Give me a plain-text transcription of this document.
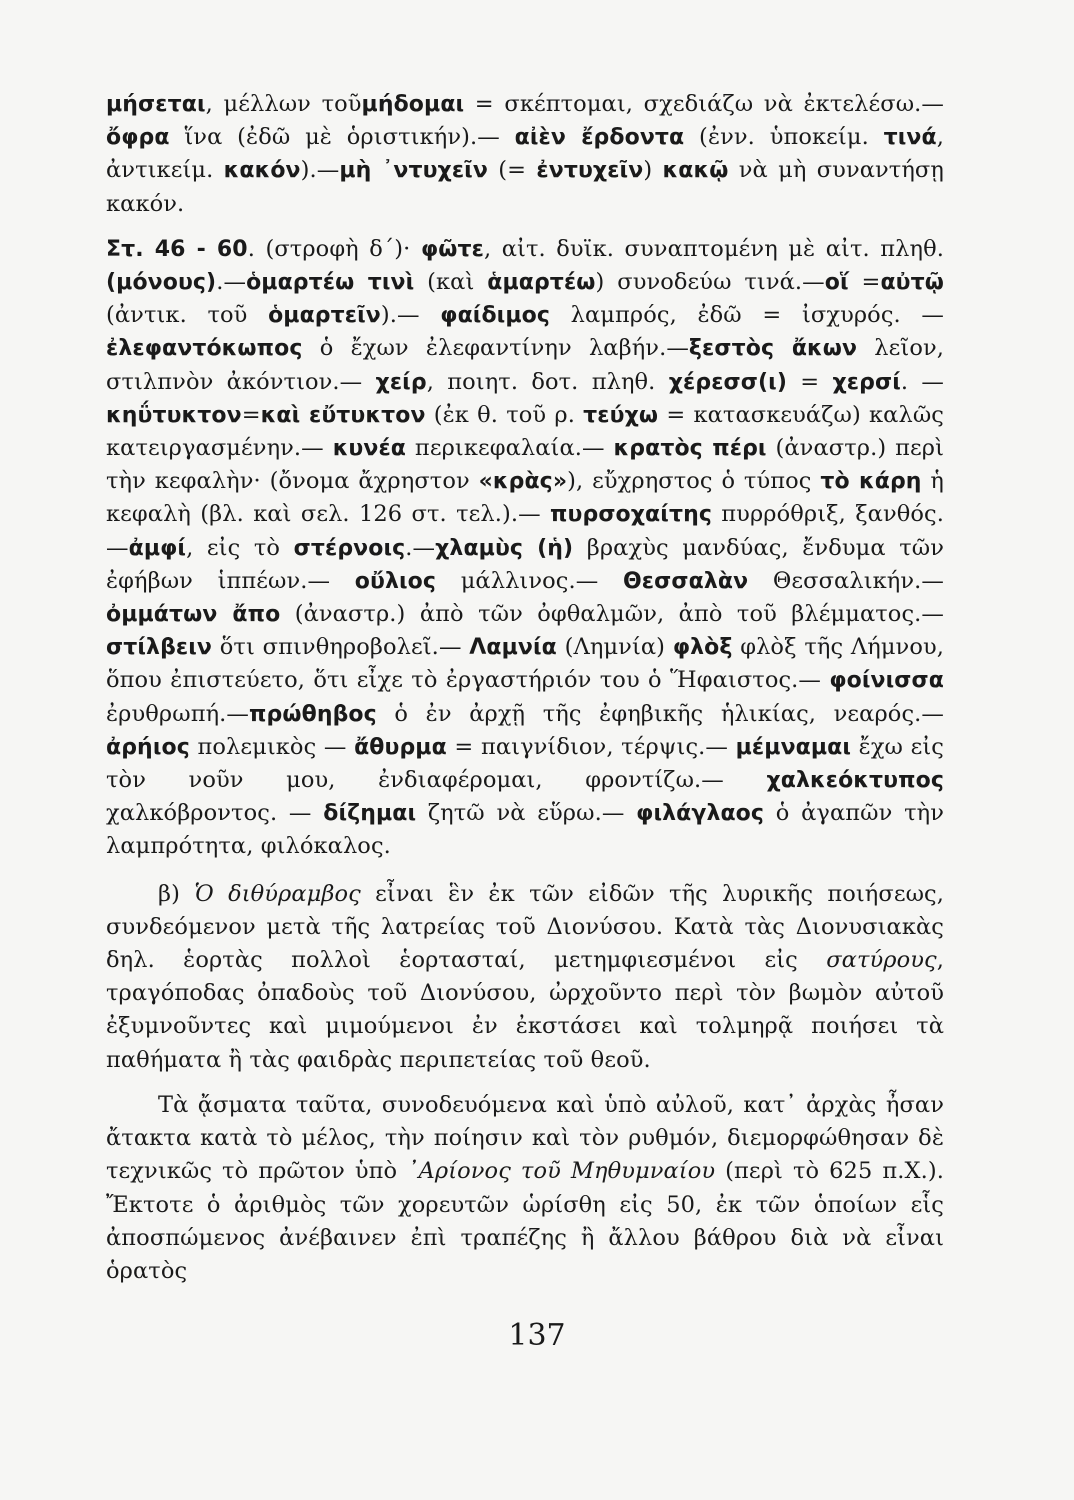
μήσεται, μέλλων τοῦμήδομαι = σκέπτομαι, σχεδιάζω νὰ ἐκτελέσω.— ὄφρα ἵνα (ἐδῶ μὲ ὁριστικήν).— αἰὲν ἔρδοντα (ἐνν. ὑποκείμ. τινά, ἀντικείμ. κακόν).—μὴ ᾽ντυχεῖν (= ἐντυχεῖν) κακῷ νὰ μὴ συναντήσῃ κακόν.

Στ. 46 - 60. (στροφὴ δ΄)· φῶτε, αἰτ. δυϊκ. συναπτομένη μὲ αἰτ. πληθ. (μόνους).—ὁμαρτέω τινὶ (καὶ ἁμαρτέω) συνοδεύω τινά.—οἵ =αὐτῷ (ἀντικ. τοῦ ὁμαρτεῖν).— φαίδιμος λαμπρός, ἐδῶ = ἰσχυρός. —ἐλεφαντόκωπος ὁ ἔχων ἐλεφαντίνην λαβήν.—ξεστὸς ἄκων λεῖον, στιλπνὸν ἀκόντιον.— χείρ, ποιητ. δοτ. πληθ. χέρεσσ(ι) = χερσί. — κηΰτυκτον=καὶ εὔτυκτον (ἐκ θ. τοῦ ρ. τεύχω = κατασκευάζω) καλῶς κατειργασμένην.— κυνέα περικεφαλαία.— κρατὸς πέρι (ἀναστρ.) περὶ τὴν κεφαλὴν· (ὄνομα ἄχρηστον «κρὰς»), εὔχρηστος ὁ τύπος τὸ κάρη ἡ κεφαλὴ (βλ. καὶ σελ. 126 στ. τελ.).— πυρσοχαίτης πυρρόθριξ, ξανθός.—ἀμφί, εἰς τὸ στέρνοις.—χλαμὺς (ἡ) βραχὺς μανδύας, ἔνδυμα τῶν ἐφήβων ἱππέων.— οὔλιος μάλλινος.— Θεσσαλὰν Θεσσαλικήν.— ὀμμάτων ἄπο (ἀναστρ.) ἀπὸ τῶν ὀφθαλμῶν, ἀπὸ τοῦ βλέμματος.— στίλβειν ὅτι σπινθηροβολεῖ.— Λαμνία (Λημνία) φλὸξ φλὸξ τῆς Λήμνου, ὅπου ἐπιστεύετο, ὅτι εἶχε τὸ ἐργαστήριόν του ὁ Ἥφαιστος.— φοίνισσα ἐρυθρωπή.—πρώθηβος ὁ ἐν ἀρχῇ τῆς ἐφηβικῆς ἡλικίας, νεαρός.— ἀρήιος πολεμικὸς — ἄθυρμα = παιγνίδιον, τέρψις.— μέμναμαι ἔχω εἰς τὸν νοῦν μου, ἐνδιαφέρομαι, φροντίζω.— χαλκεόκτυπος χαλκόβροντος. — δίζημαι ζητῶ νὰ εὕρω.— φιλάγλαος ὁ ἀγαπῶν τὴν λαμπρότητα, φιλόκαλος.

β) Ὁ διθύραμβος εἶναι ἓν ἐκ τῶν εἰδῶν τῆς λυρικῆς ποιήσεως, συνδεόμενον μετὰ τῆς λατρείας τοῦ Διονύσου. Κατὰ τὰς Διονυσιακὰς δηλ. ἑορτὰς πολλοὶ ἑορτασταί, μετημφιεσμένοι εἰς σατύρους, τραγόποδας ὀπαδοὺς τοῦ Διονύσου, ὠρχοῦντο περὶ τὸν βωμὸν αὐτοῦ ἐξυμνοῦντες καὶ μιμούμενοι ἐν ἐκστάσει καὶ τολμηρᾷ ποιήσει τὰ παθήματα ἢ τὰς φαιδρὰς περιπετείας τοῦ θεοῦ.

Τὰ ᾄσματα ταῦτα, συνοδευόμενα καὶ ὑπὸ αὐλοῦ, κατ᾽ ἀρχὰς ἦσαν ἄτακτα κατὰ τὸ μέλος, τὴν ποίησιν καὶ τὸν ρυθμόν, διεμορφώθησαν δὲ τεχνικῶς τὸ πρῶτον ὑπὸ ᾽Αρίονος τοῦ Μηθυμναίου (περὶ τὸ 625 π.Χ.). Ἔκτοτε ὁ ἀριθμὸς τῶν χορευτῶν ὡρίσθη εἰς 50, ἐκ τῶν ὁποίων εἷς ἀποσπώμενος ἀνέβαινεν ἐπὶ τραπέζης ἢ ἄλλου βάθρου διὰ νὰ εἶναι ὁρατὸς

137
